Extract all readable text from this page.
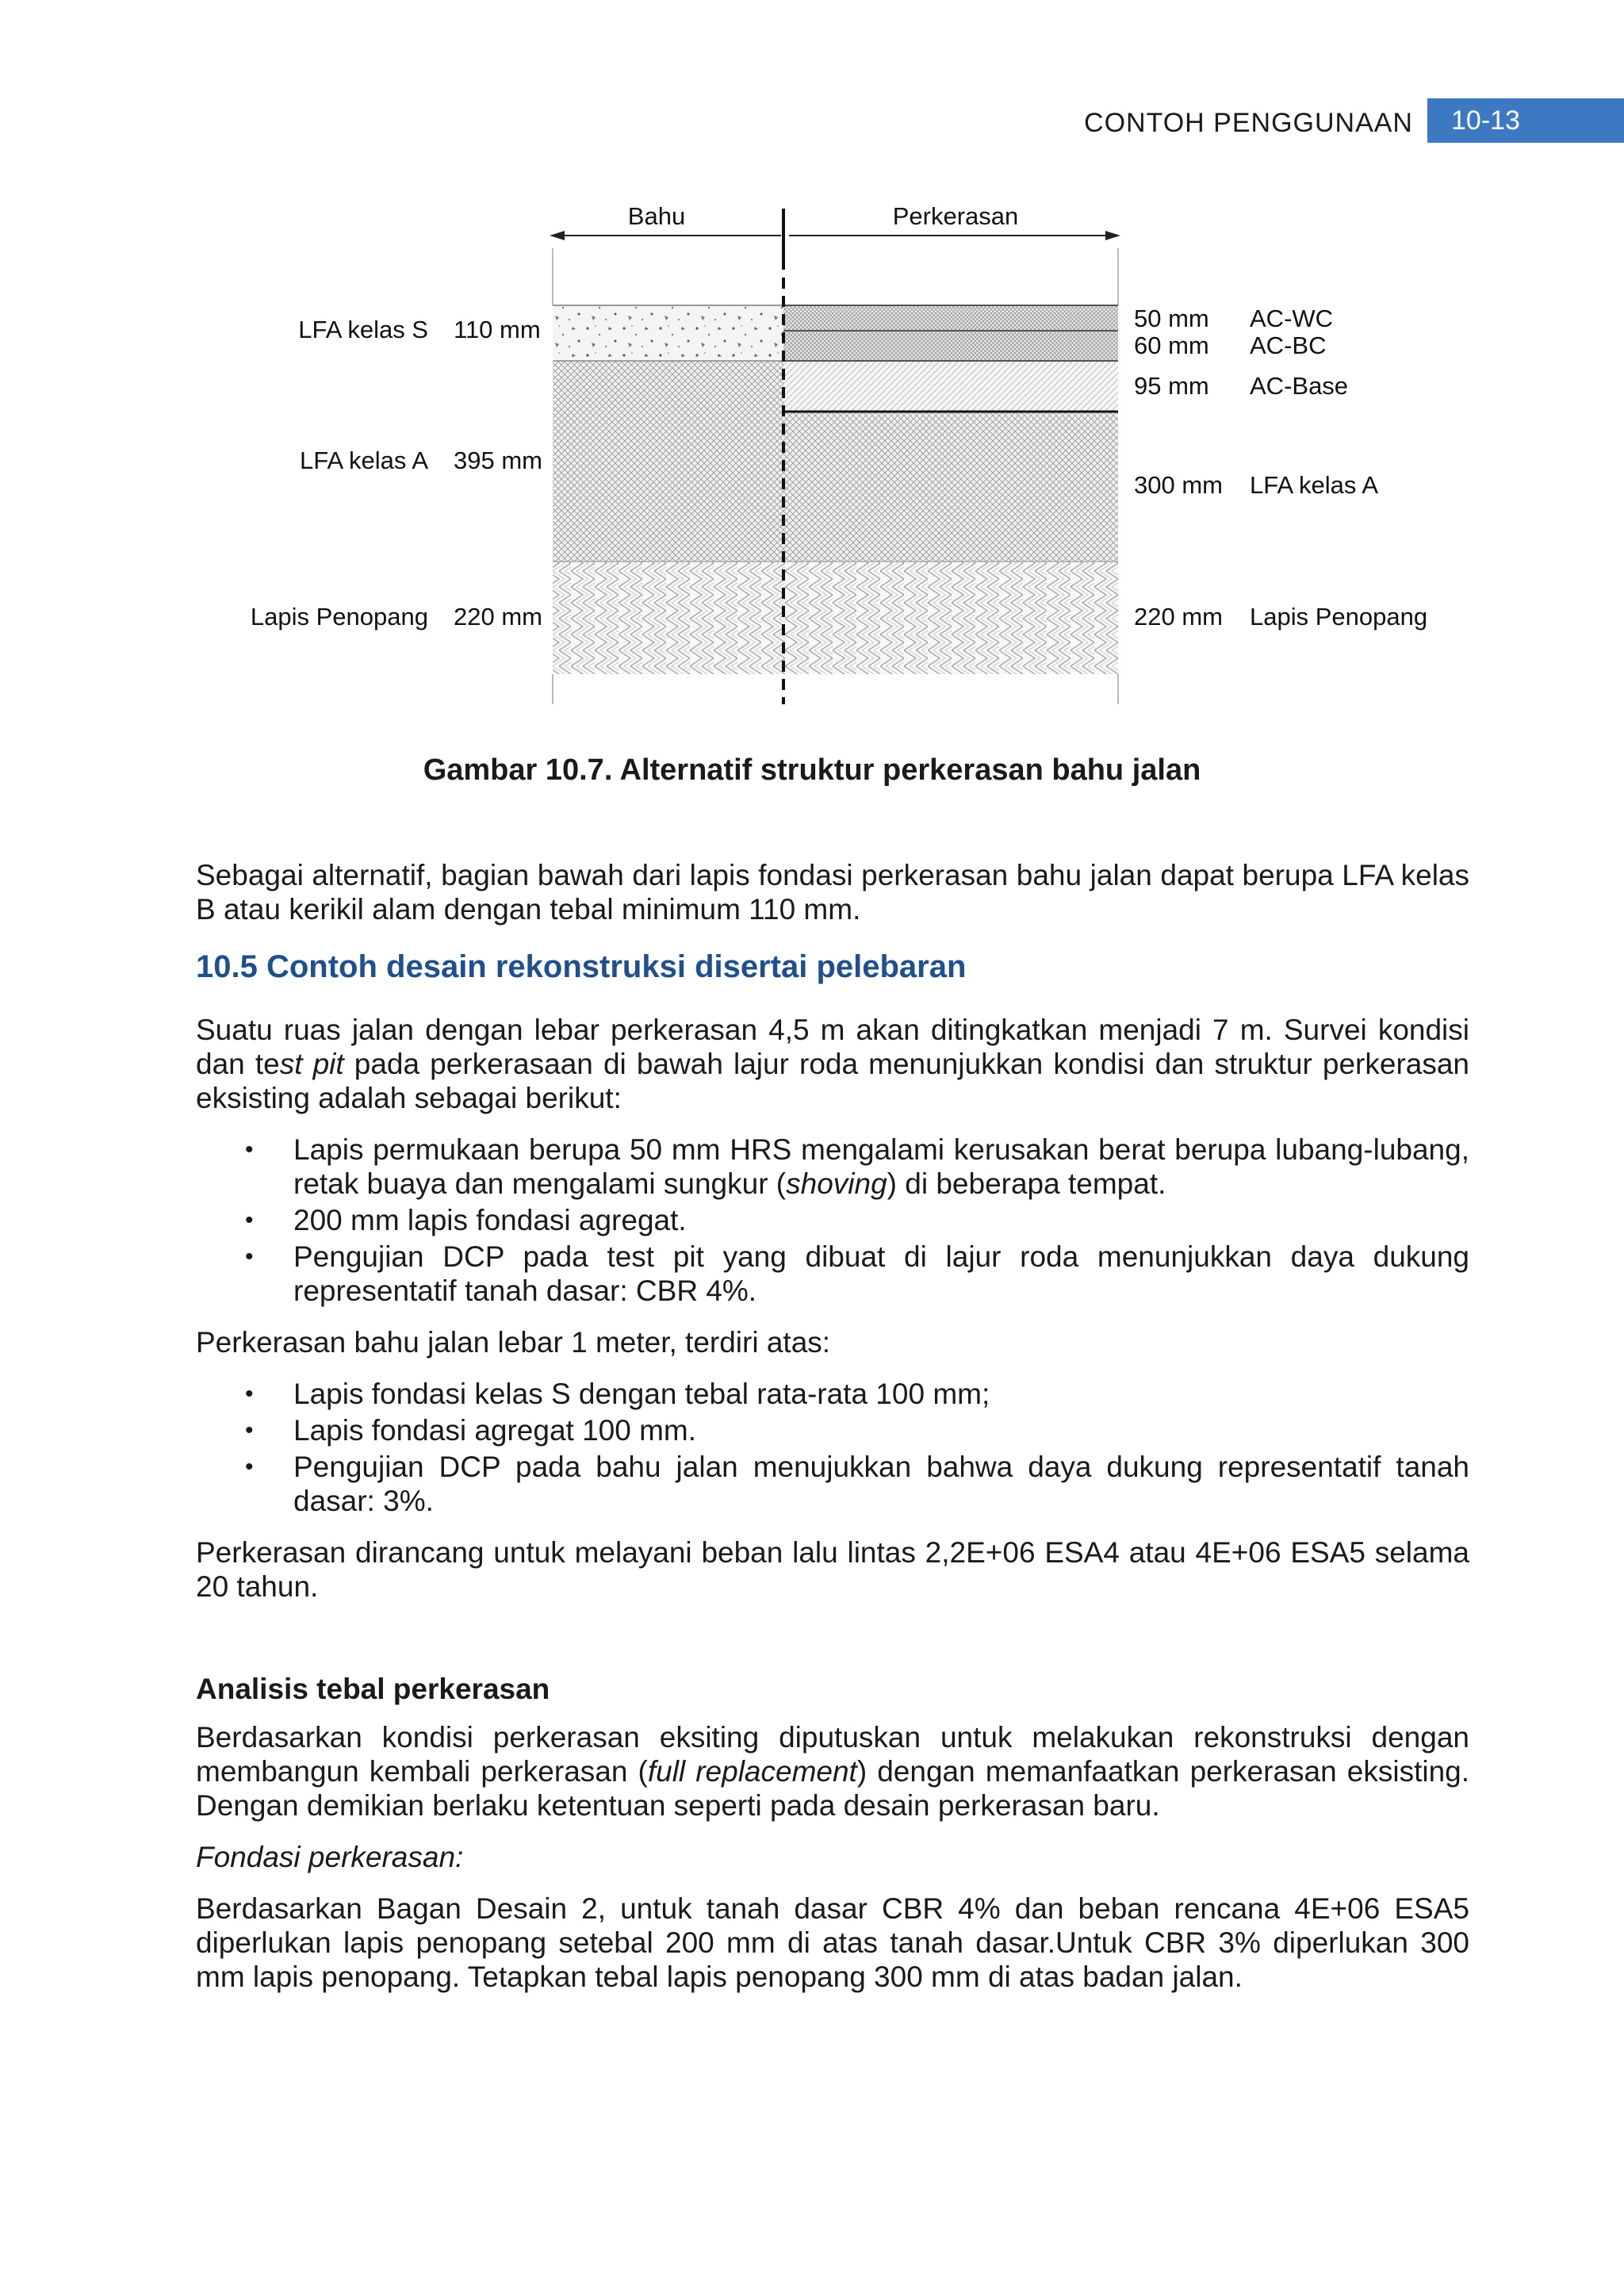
CONTOH PENGGUNAAN	10-13
Bahu	Perkerasan
LFA kelas S 110 mm
LFA kelas A 395 mm
Lapis Penopang 220 mm
50 mm AC-WC
60 mm AC-BC
95 mm AC-Base
300 mm LFA kelas A
220 mm Lapis Penopang
Gambar 10.7. Alternatif struktur perkerasan bahu jalan

Sebagai alternatif, bagian bawah dari lapis fondasi perkerasan bahu jalan dapat berupa LFA kelas B atau kerikil alam dengan tebal minimum 110 mm.

10.5 Contoh desain rekonstruksi disertai pelebaran

Suatu ruas jalan dengan lebar perkerasan 4,5 m akan ditingkatkan menjadi 7 m. Survei kondisi dan test pit pada perkerasaan di bawah lajur roda menunjukkan kondisi dan struktur perkerasan eksisting adalah sebagai berikut:

• Lapis permukaan berupa 50 mm HRS mengalami kerusakan berat berupa lubang-lubang, retak buaya dan mengalami sungkur (shoving) di beberapa tempat.
• 200 mm lapis fondasi agregat.
• Pengujian DCP pada test pit yang dibuat di lajur roda menunjukkan daya dukung representatif tanah dasar: CBR 4%.

Perkerasan bahu jalan lebar 1 meter, terdiri atas:

• Lapis fondasi kelas S dengan tebal rata-rata 100 mm;
• Lapis fondasi agregat 100 mm.
• Pengujian DCP pada bahu jalan menujukkan bahwa daya dukung representatif tanah dasar: 3%.

Perkerasan dirancang untuk melayani beban lalu lintas 2,2E+06 ESA4 atau 4E+06 ESA5 selama 20 tahun.

Analisis tebal perkerasan

Berdasarkan kondisi perkerasan eksiting diputuskan untuk melakukan rekonstruksi dengan membangun kembali perkerasan (full replacement) dengan memanfaatkan perkerasan eksisting. Dengan demikian berlaku ketentuan seperti pada desain perkerasan baru.

Fondasi perkerasan:

Berdasarkan Bagan Desain 2, untuk tanah dasar CBR 4% dan beban rencana 4E+06 ESA5 diperlukan lapis penopang setebal 200 mm di atas tanah dasar.Untuk CBR 3% diperlukan 300 mm lapis penopang. Tetapkan tebal lapis penopang 300 mm di atas badan jalan.
